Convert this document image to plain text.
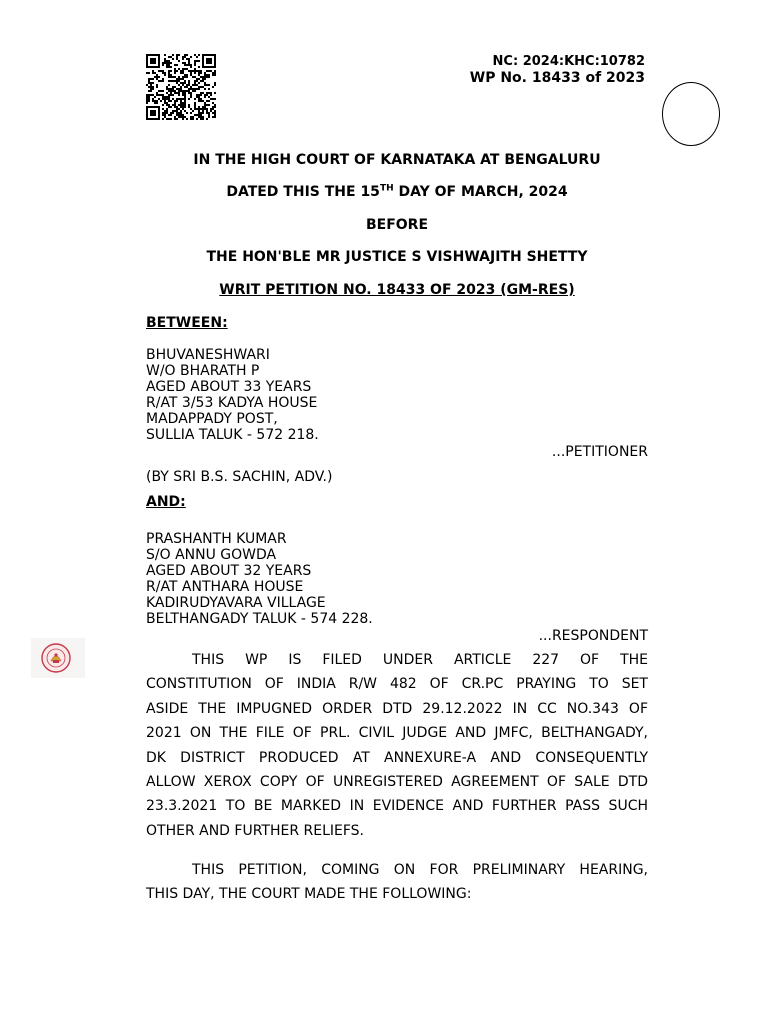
NC: 2024:KHC:10782
WP No. 18433 of 2023
IN THE HIGH COURT OF KARNATAKA AT BENGALURU
DATED THIS THE 15TH DAY OF MARCH, 2024
BEFORE
THE HON'BLE MR JUSTICE S VISHWAJITH SHETTY
WRIT PETITION NO. 18433 OF 2023 (GM-RES)
BETWEEN:
BHUVANESHWARI
W/O BHARATH P
AGED ABOUT 33 YEARS
R/AT 3/53 KADYA HOUSE
MADAPPADY POST,
SULLIA TALUK - 572 218.
...PETITIONER
(BY SRI B.S. SACHIN, ADV.)
AND:
PRASHANTH KUMAR
S/O ANNU GOWDA
AGED ABOUT 32 YEARS
R/AT ANTHARA HOUSE
KADIRUDYAVARA VILLAGE
BELTHANGADY TALUK - 574 228.
...RESPONDENT
THIS WP IS FILED UNDER ARTICLE 227 OF THE
CONSTITUTION OF INDIA R/W 482 OF CR.PC PRAYING TO SET
ASIDE THE IMPUGNED ORDER DTD 29.12.2022 IN CC NO.343 OF
2021 ON THE FILE OF PRL. CIVIL JUDGE AND JMFC, BELTHANGADY,
DK DISTRICT PRODUCED AT ANNEXURE-A AND CONSEQUENTLY
ALLOW XEROX COPY OF UNREGISTERED AGREEMENT OF SALE DTD
23.3.2021 TO BE MARKED IN EVIDENCE AND FURTHER PASS SUCH
OTHER AND FURTHER RELIEFS.
THIS PETITION, COMING ON FOR PRELIMINARY HEARING,
THIS DAY, THE COURT MADE THE FOLLOWING:
